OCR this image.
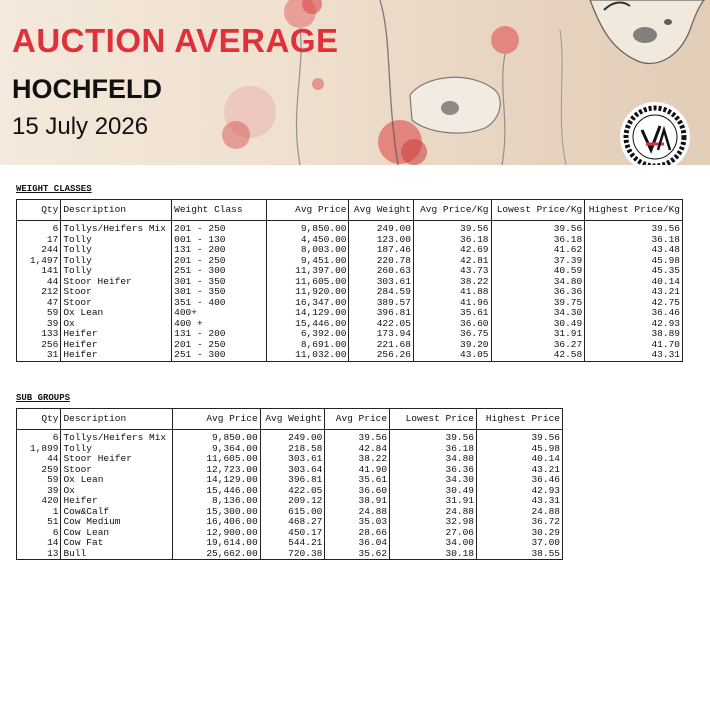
AUCTION AVERAGE
HOCHFELD

15 July 2026

WEIGHT CLASSES

Qty	Description	Weight Class	Avg Price	Avg Weight	Avg Price/Kg	Lowest Price/Kg	Highest Price/Kg
6	Tollys/Heifers Mix	201 - 250	9,850.00	249.00	39.56	39.56	39.56
17	Tolly	001 - 130	4,450.00	123.00	36.18	36.18	36.18
244	Tolly	131 - 200	8,003.00	187.46	42.69	41.62	43.48
1,497	Tolly	201 - 250	9,451.00	220.78	42.81	37.39	45.98
141	Tolly	251 - 300	11,397.00	260.63	43.73	40.59	45.35
44	Stoor Heifer	301 - 350	11,605.00	303.61	38.22	34.80	40.14
212	Stoor	301 - 350	11,920.00	284.59	41.88	36.36	43.21
47	Stoor	351 - 400	16,347.00	389.57	41.96	39.75	42.75
59	Ox Lean	400+	14,129.00	396.81	35.61	34.30	36.46
39	Ox	400 +	15,446.00	422.05	36.60	30.49	42.93
133	Heifer	131 - 200	6,392.00	173.94	36.75	31.91	38.89
256	Heifer	201 - 250	8,691.00	221.68	39.20	36.27	41.70
31	Heifer	251 - 300	11,032.00	256.26	43.05	42.58	43.31

SUB GROUPS

Qty	Description	Avg Price	Avg Weight	Avg Price	Lowest Price	Highest Price
6	Tollys/Heifers Mix	9,850.00	249.00	39.56	39.56	39.56
1,899	Tolly	9,364.00	218.58	42.84	36.18	45.98
44	Stoor Heifer	11,605.00	303.61	38.22	34.80	40.14
259	Stoor	12,723.00	303.64	41.90	36.36	43.21
59	Ox Lean	14,129.00	396.81	35.61	34.30	36.46
39	Ox	15,446.00	422.05	36.60	30.49	42.93
420	Heifer	8,136.00	209.12	38.91	31.91	43.31
1	Cow&Calf	15,300.00	615.00	24.88	24.88	24.88
51	Cow Medium	16,406.00	468.27	35.03	32.98	36.72
6	Cow Lean	12,900.00	450.17	28.66	27.06	30.29
14	Cow Fat	19,614.00	544.21	36.04	34.00	37.00
13	Bull	25,662.00	720.38	35.62	30.18	38.55
